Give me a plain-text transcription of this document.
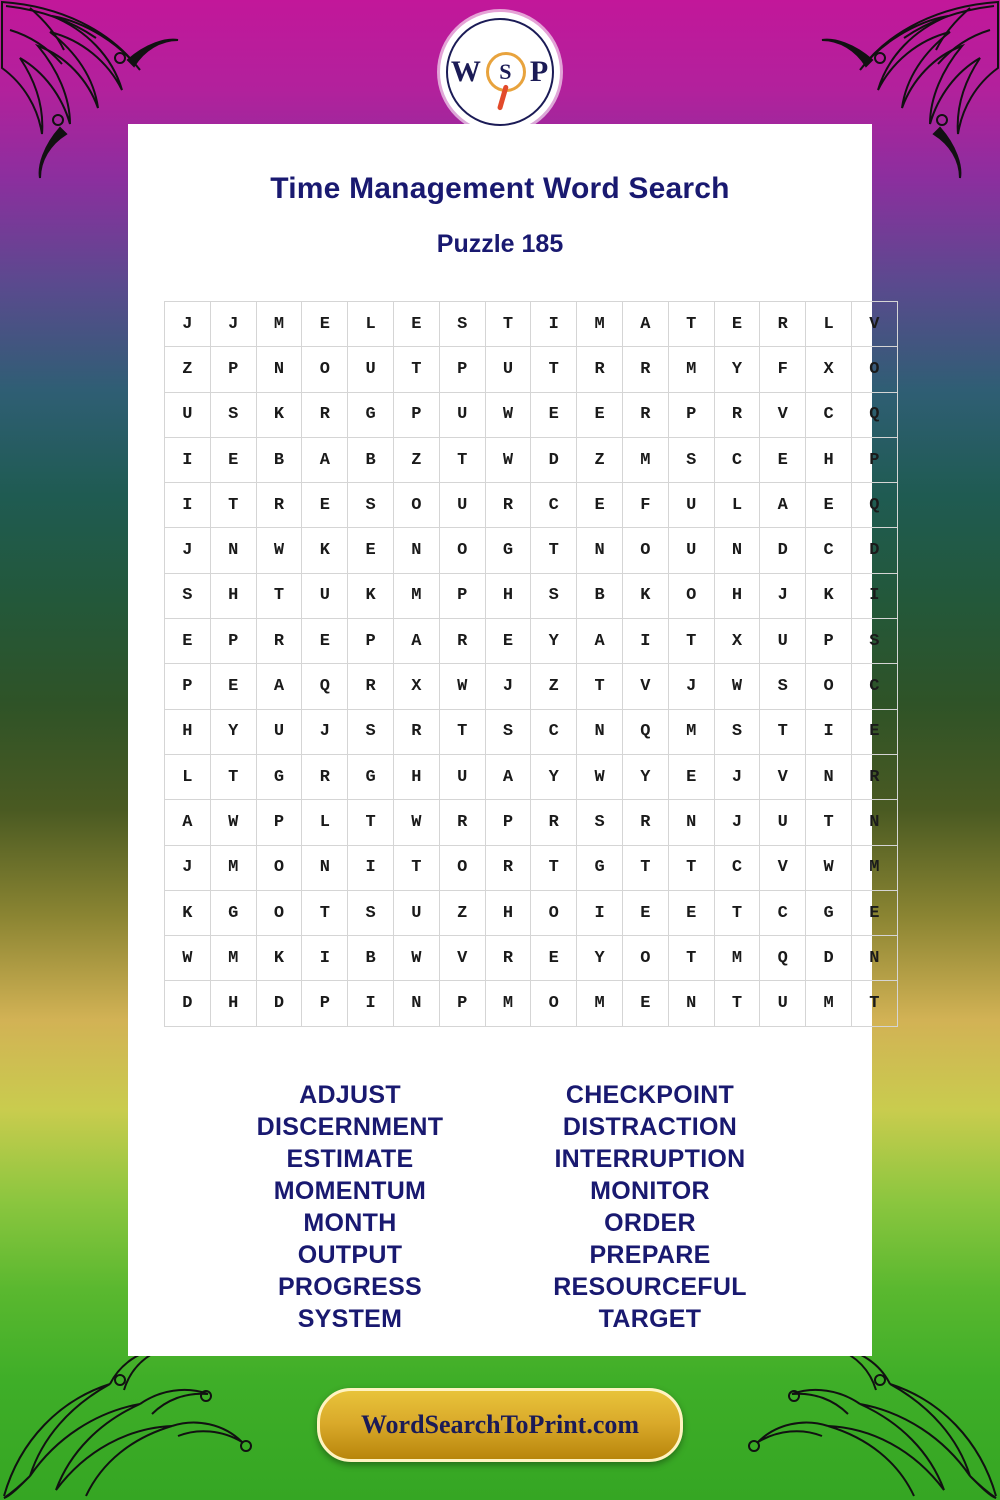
W S P
Time Management Word Search
Puzzle 185
J	J	M	E	L	E	S	T	I	M	A	T	E	R	L	V
Z	P	N	O	U	T	P	U	T	R	R	M	Y	F	X	O
U	S	K	R	G	P	U	W	E	E	R	P	R	V	C	Q
I	E	B	A	B	Z	T	W	D	Z	M	S	C	E	H	P
I	T	R	E	S	O	U	R	C	E	F	U	L	A	E	Q
J	N	W	K	E	N	O	G	T	N	O	U	N	D	C	D
S	H	T	U	K	M	P	H	S	B	K	O	H	J	K	I
E	P	R	E	P	A	R	E	Y	A	I	T	X	U	P	S
P	E	A	Q	R	X	W	J	Z	T	V	J	W	S	O	C
H	Y	U	J	S	R	T	S	C	N	Q	M	S	T	I	E
L	T	G	R	G	H	U	A	Y	W	Y	E	J	V	N	R
A	W	P	L	T	W	R	P	R	S	R	N	J	U	T	N
J	M	O	N	I	T	O	R	T	G	T	T	C	V	W	M
K	G	O	T	S	U	Z	H	O	I	E	E	T	C	G	E
W	M	K	I	B	W	V	R	E	Y	O	T	M	Q	D	N
D	H	D	P	I	N	P	M	O	M	E	N	T	U	M	T
ADJUST
DISCERNMENT
ESTIMATE
MOMENTUM
MONTH
OUTPUT
PROGRESS
SYSTEM
CHECKPOINT
DISTRACTION
INTERRUPTION
MONITOR
ORDER
PREPARE
RESOURCEFUL
TARGET
WordSearchToPrint.com
